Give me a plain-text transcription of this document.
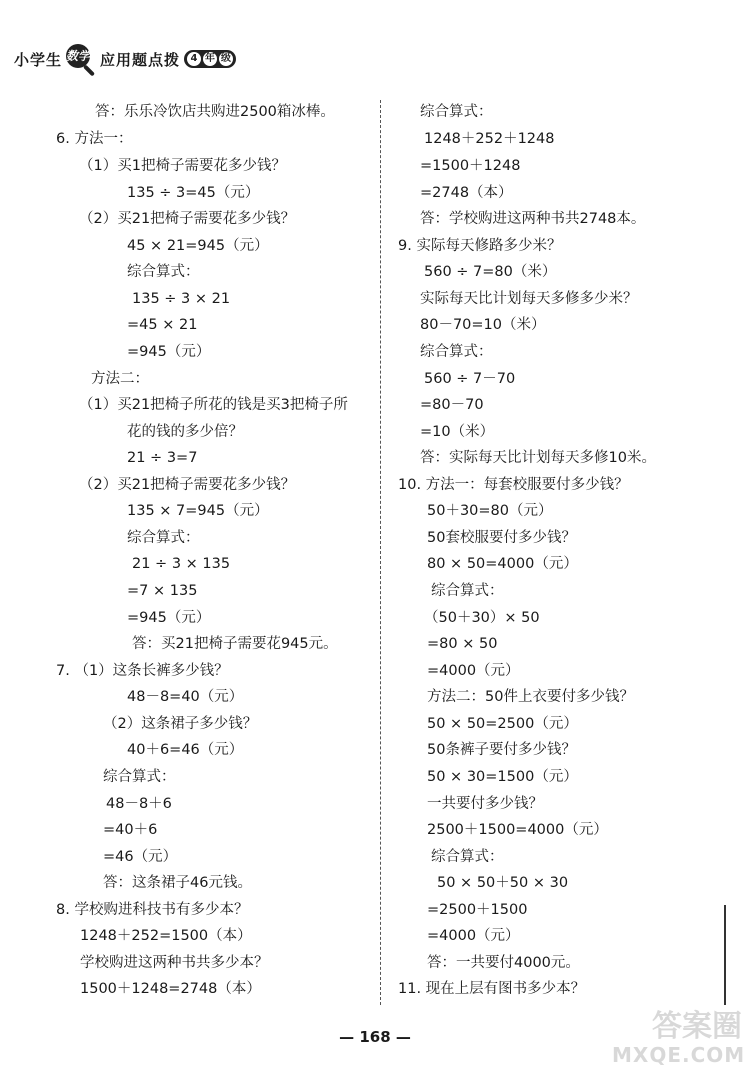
小学生 数学 应用题点拨	4 年 级
答：乐乐冷饮店共购进2500箱冰棒。
6. 方法一：
（1）买1把椅子需要花多少钱？
135 ÷ 3=45（元）
（2）买21把椅子需要花多少钱？
45 × 21=945（元）
综合算式：
135 ÷ 3 × 21
=45 × 21
=945（元）
方法二：
（1）买21把椅子所花的钱是买3把椅子所
花的钱的多少倍？
21 ÷ 3=7
（2）买21把椅子需要花多少钱？
135 × 7=945（元）
综合算式：
21 ÷ 3 × 135
=7 × 135
=945（元）
答：买21把椅子需要花945元。
7. （1）这条长裤多少钱？
48－8=40（元）
（2）这条裙子多少钱？
40＋6=46（元）
综合算式：
48－8＋6
=40＋6
=46（元）
答：这条裙子46元钱。
8. 学校购进科技书有多少本？
1248＋252=1500（本）
学校购进这两种书共多少本？
1500＋1248=2748（本）
综合算式：
1248＋252＋1248
=1500＋1248
=2748（本）
答：学校购进这两种书共2748本。
9. 实际每天修路多少米？
560 ÷ 7=80（米）
实际每天比计划每天多修多少米？
80－70=10（米）
综合算式：
560 ÷ 7－70
=80－70
=10（米）
答：实际每天比计划每天多修10米。
10. 方法一：每套校服要付多少钱？
50＋30=80（元）
50套校服要付多少钱？
80 × 50=4000（元）
综合算式：
（50＋30）× 50
=80 × 50
=4000（元）
方法二：50件上衣要付多少钱？
50 × 50=2500（元）
50条裤子要付多少钱？
50 × 30=1500（元）
一共要付多少钱？
2500＋1500=4000（元）
综合算式：
50 × 50＋50 × 30
=2500＋1500
=4000（元）
答：一共要付4000元。
11. 现在上层有图书多少本？
— 168 —	答案圈
MXQE.COM
